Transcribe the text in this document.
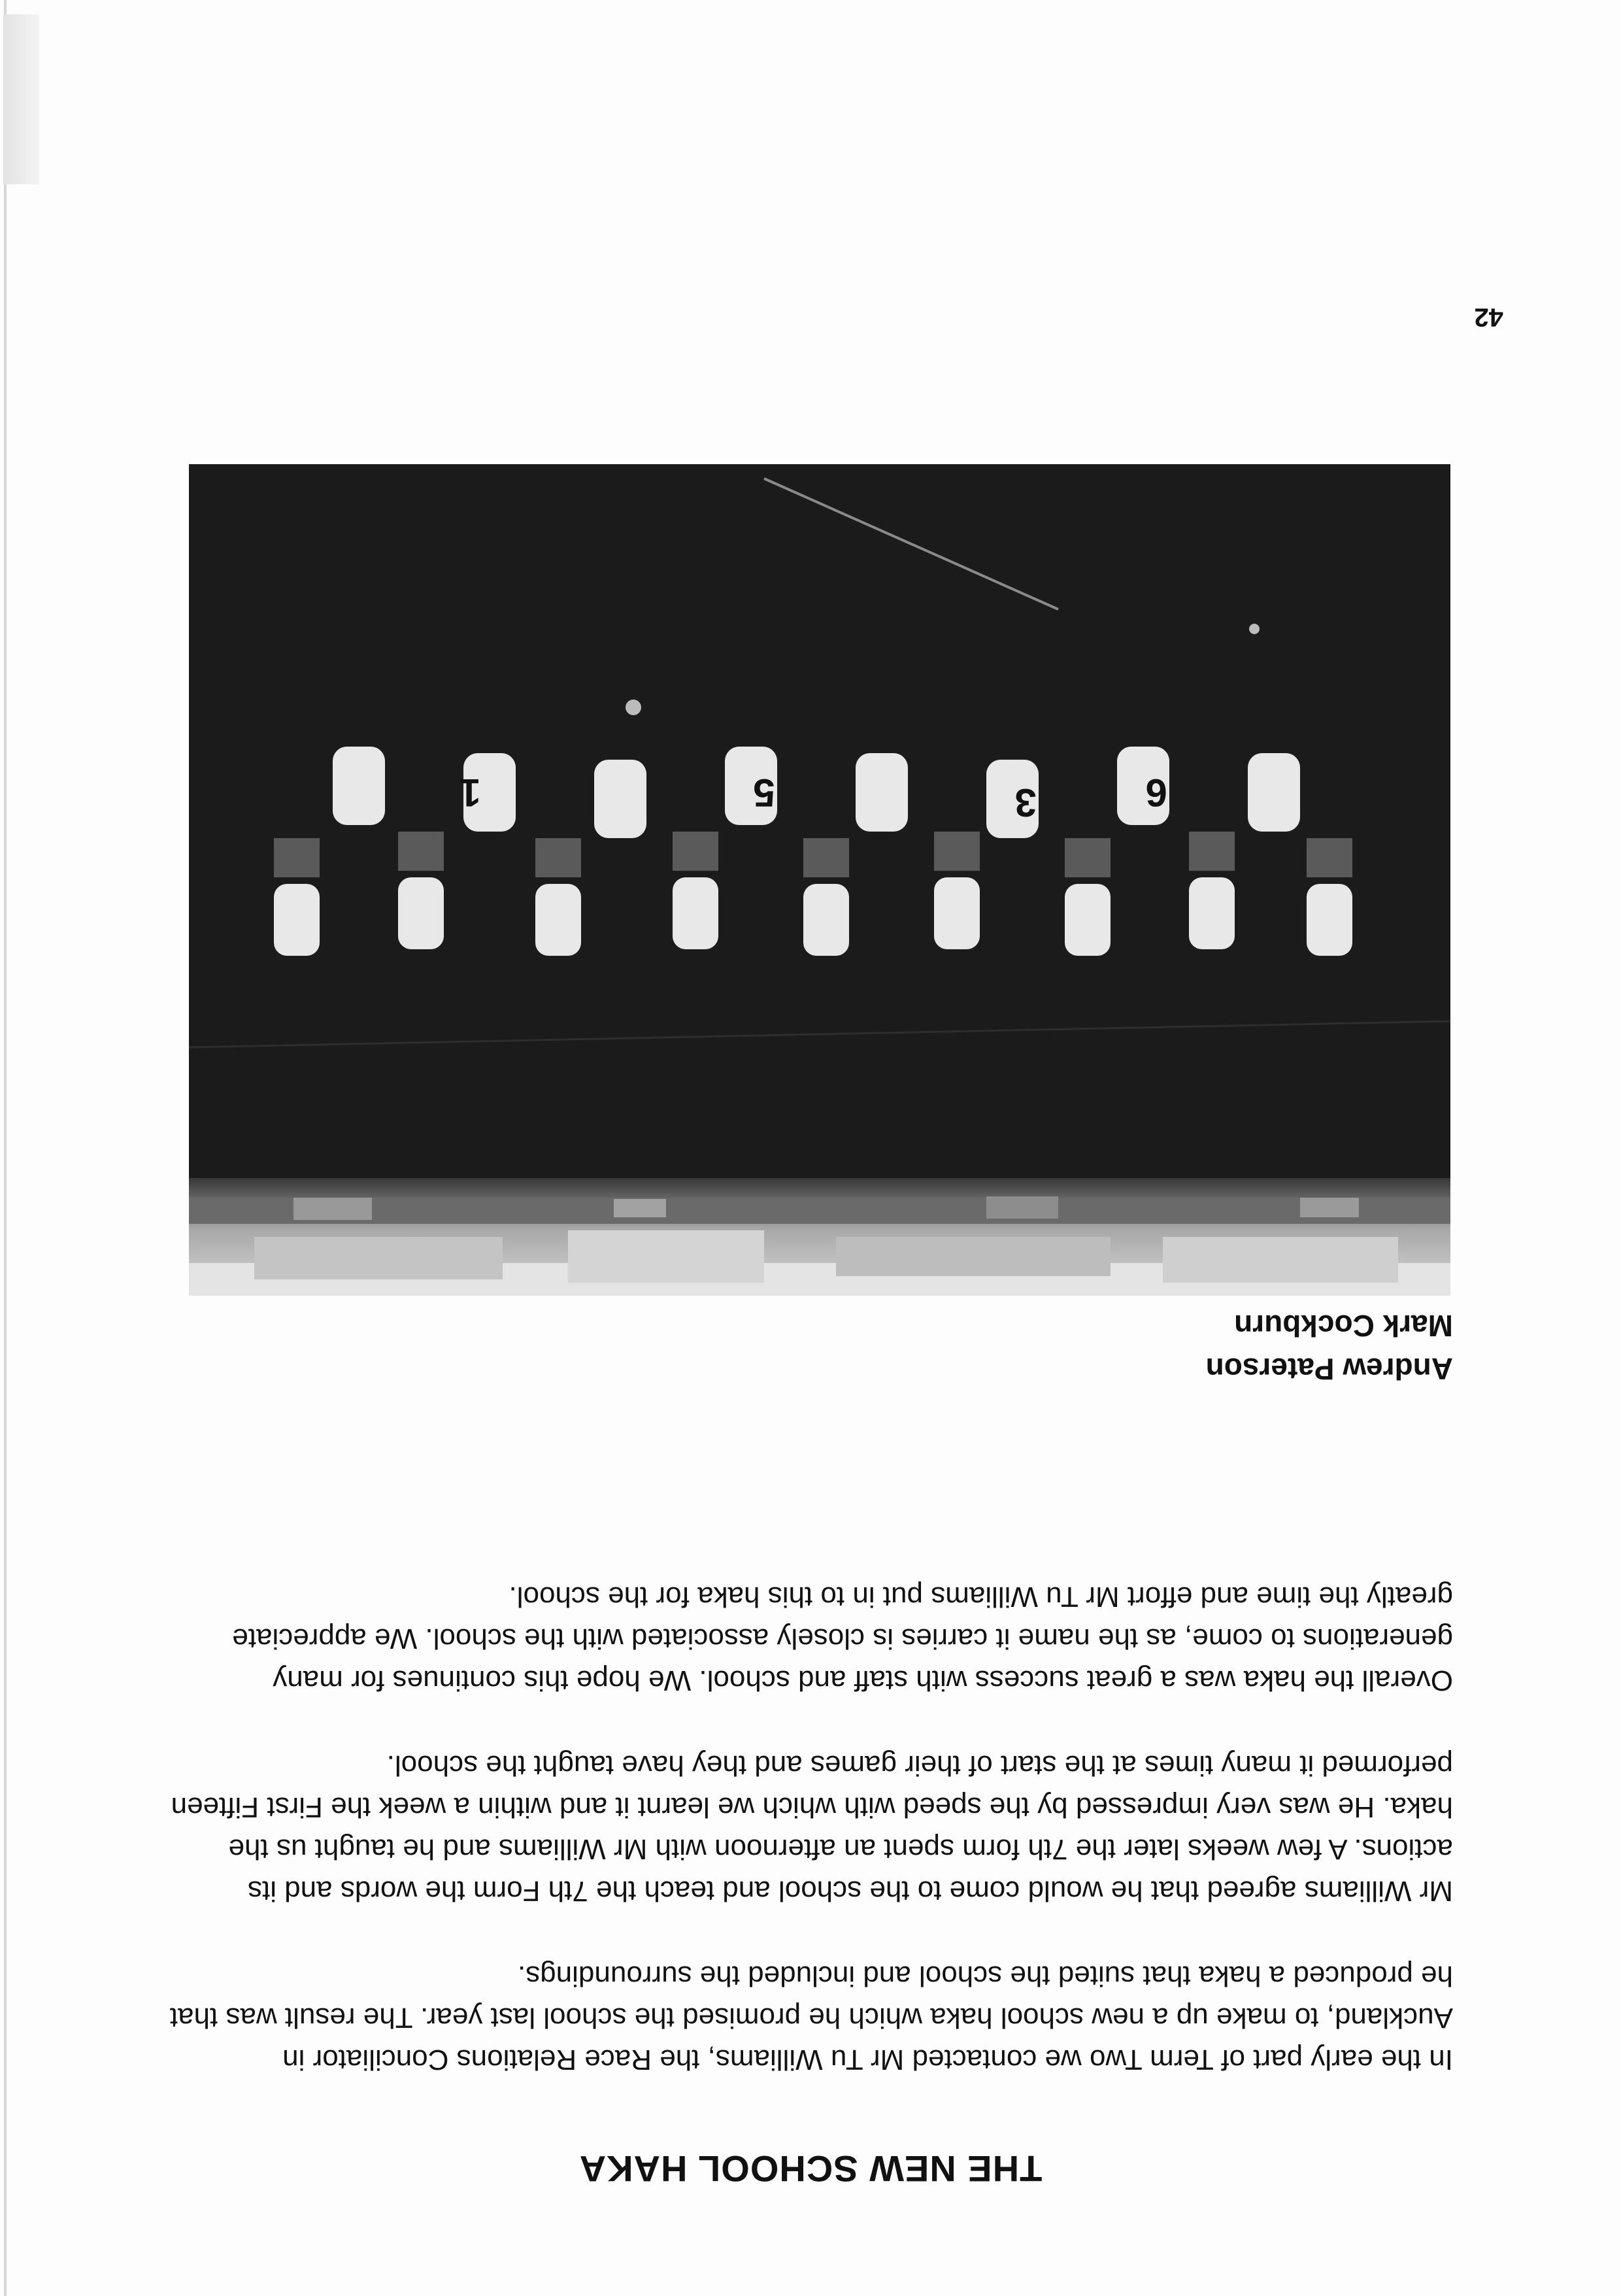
THE NEW SCHOOL HAKA

In the early part of Term Two we contacted Mr Tu Williams, the Race Relations Conciliator in Auckland, to make up a new school haka which he promised the school last year. The result was that he produced a haka that suited the school and included the surroundings.

Mr Williams agreed that he would come to the school and teach the 7th Form the words and its actions. A few weeks later the 7th form spent an afternoon with Mr Williams and he taught us the haka. He was very impressed by the speed with which we learnt it and within a week the First Fifteen performed it many times at the start of their games and they have taught the school.

Overall the haka was a great success with staff and school. We hope this continues for many generations to come, as the name it carries is closely associated with the school. We appreciate greatly the time and effort Mr Tu Williams put in to this haka for the school.

Andrew Paterson
Mark Cockburn
1	5	3	6
42
